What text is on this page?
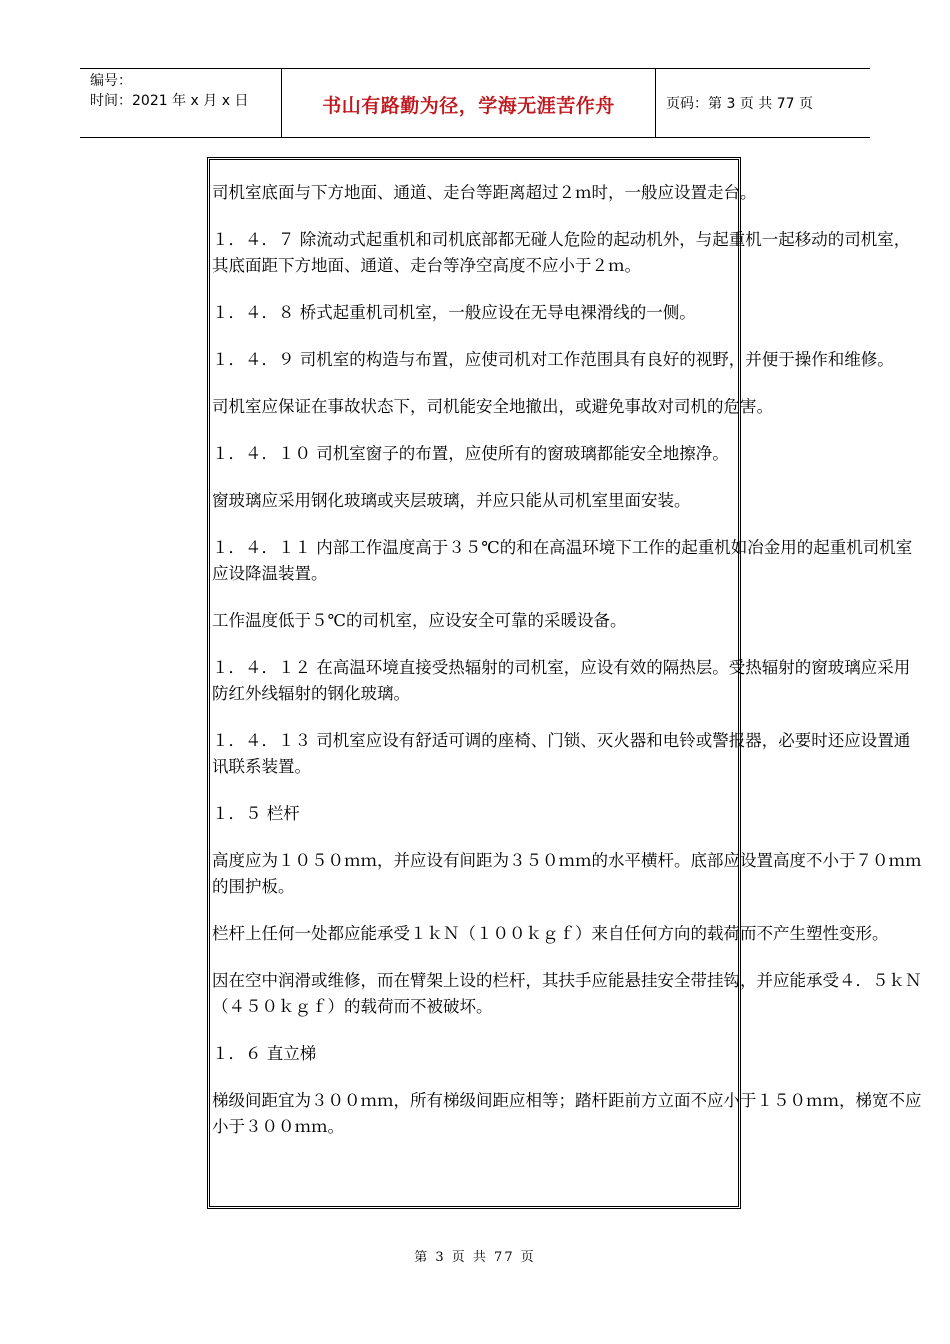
编号：
时间：2021 年 x 月 x 日	书山有路勤为径，学海无涯苦作舟	页码：第 3 页 共 77 页

司机室底面与下方地面、通道、走台等距离超过２ｍ时，一般应设置走台。

１．４．７ 除流动式起重机和司机底部都无碰人危险的起动机外，与起重机一起移动的司机室，其底面距下方地面、通道、走台等净空高度不应小于２ｍ。

１．４．８ 桥式起重机司机室，一般应设在无导电裸滑线的一侧。

１．４．９ 司机室的构造与布置，应使司机对工作范围具有良好的视野，并便于操作和维修。

司机室应保证在事故状态下，司机能安全地撤出，或避免事故对司机的危害。

１．４．１０ 司机室窗子的布置，应使所有的窗玻璃都能安全地擦净。

窗玻璃应采用钢化玻璃或夹层玻璃，并应只能从司机室里面安装。

１．４．１１ 内部工作温度高于３５℃的和在高温环境下工作的起重机如冶金用的起重机司机室应设降温装置。

工作温度低于５℃的司机室，应设安全可靠的采暖设备。

１．４．１２ 在高温环境直接受热辐射的司机室，应设有效的隔热层。受热辐射的窗玻璃应采用防红外线辐射的钢化玻璃。

１．４．１３ 司机室应设有舒适可调的座椅、门锁、灭火器和电铃或警报器，必要时还应设置通讯联系装置。

１．５ 栏杆

高度应为１０５０ｍｍ，并应设有间距为３５０ｍｍ的水平横杆。底部应设置高度不小于７０ｍｍ的围护板。

栏杆上任何一处都应能承受１ｋＮ（１００ｋｇｆ）来自任何方向的载荷而不产生塑性变形。

因在空中润滑或维修，而在臂架上设的栏杆，其扶手应能悬挂安全带挂钩，并应能承受４．５ｋＮ（４５０ｋｇｆ）的载荷而不被破坏。

１．６ 直立梯

梯级间距宜为３００ｍｍ，所有梯级间距应相等；踏杆距前方立面不应小于１５０ｍｍ，梯宽不应小于３００ｍｍ。

第 3 页 共 77 页
